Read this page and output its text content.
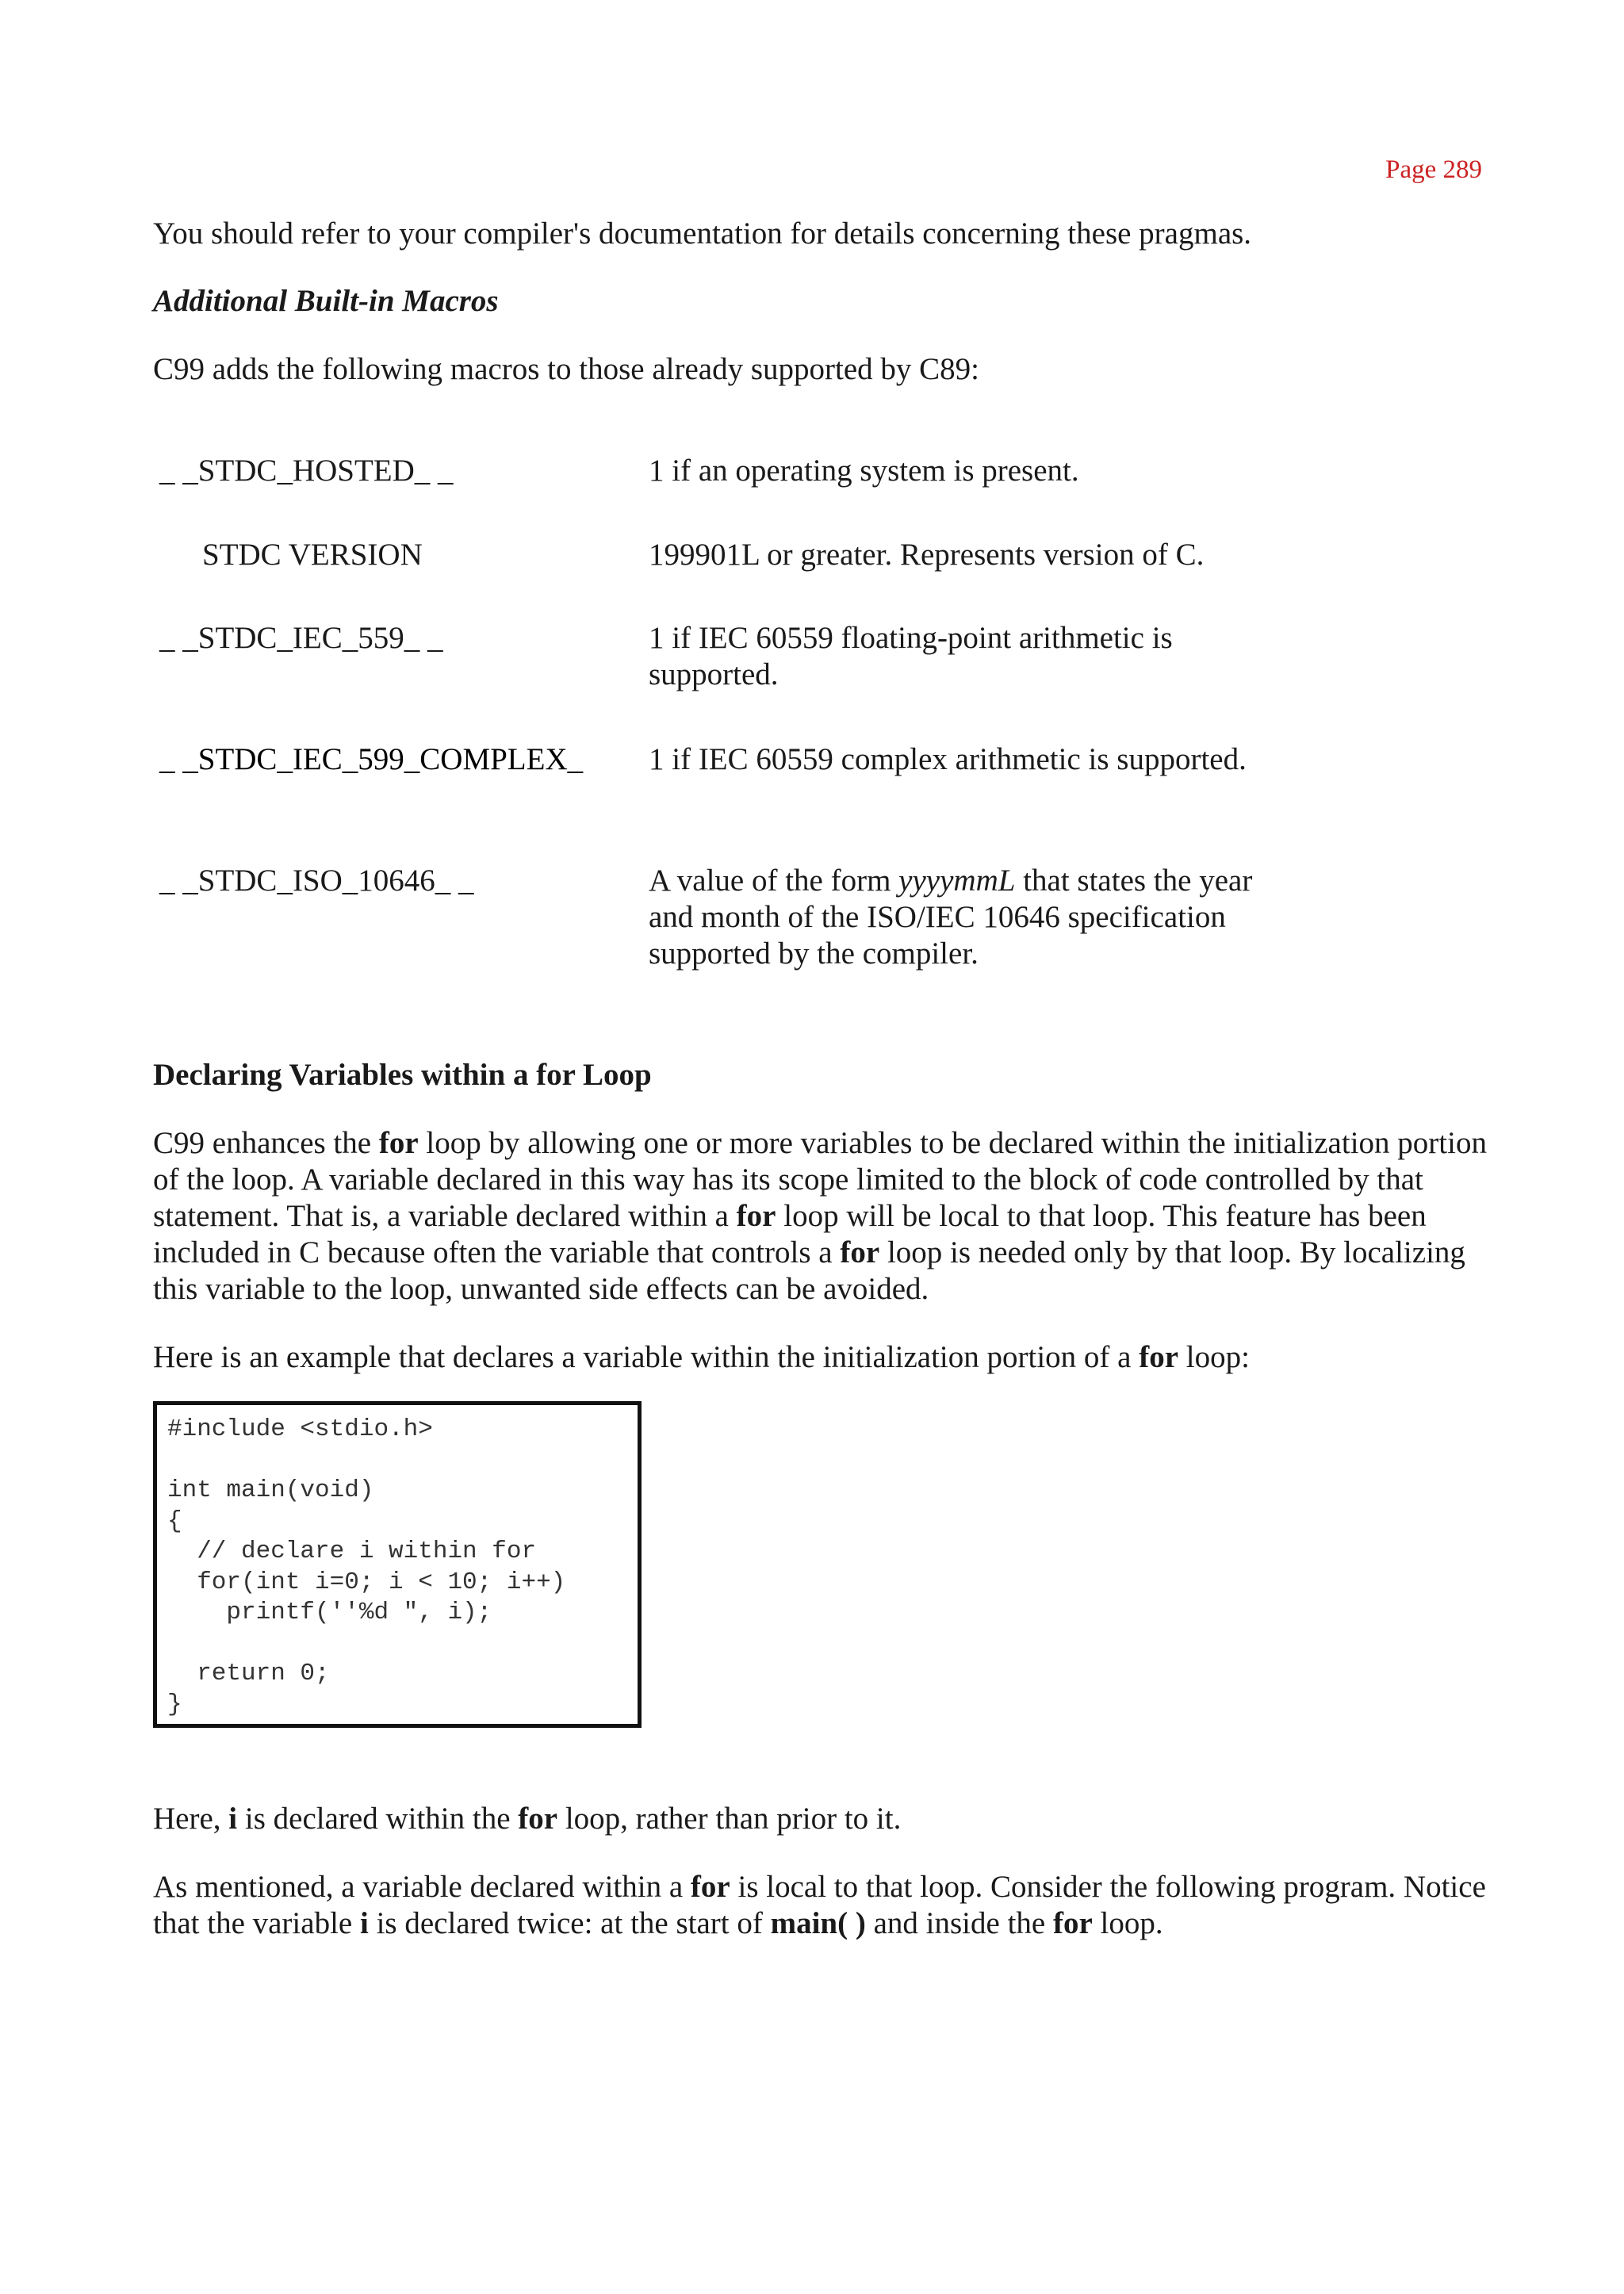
Page 289

You should refer to your compiler's documentation for details concerning these pragmas.

Additional Built-in Macros

C99 adds the following macros to those already supported by C89:

_ _STDC_HOSTED_ _	1 if an operating system is present.
STDC VERSION	199901L or greater. Represents version of C.
_ _STDC_IEC_559_ _	1 if IEC 60559 floating-point arithmetic is supported.
_ _STDC_IEC_599_COMPLEX_ 1 if IEC 60559 complex arithmetic is supported.
_ _STDC_ISO_10646_ _	A value of the form yyyymmL that states the year and month of the ISO/IEC 10646 specification supported by the compiler.

Declaring Variables within a for Loop

C99 enhances the for loop by allowing one or more variables to be declared within the initialization portion of the loop. A variable declared in this way has its scope limited to the block of code controlled by that statement. That is, a variable declared within a for loop will be local to that loop. This feature has been included in C because often the variable that controls a for loop is needed only by that loop. By localizing this variable to the loop, unwanted side effects can be avoided.

Here is an example that declares a variable within the initialization portion of a for loop:

#include <stdio.h>

int main(void)
{
// declare i within for
for(int i=0; i < 10; i++)
printf(''%d ", i);

return 0;
}

Here, i is declared within the for loop, rather than prior to it.

As mentioned, a variable declared within a for is local to that loop. Consider the following program. Notice that the variable i is declared twice: at the start of main( ) and inside the for loop.
